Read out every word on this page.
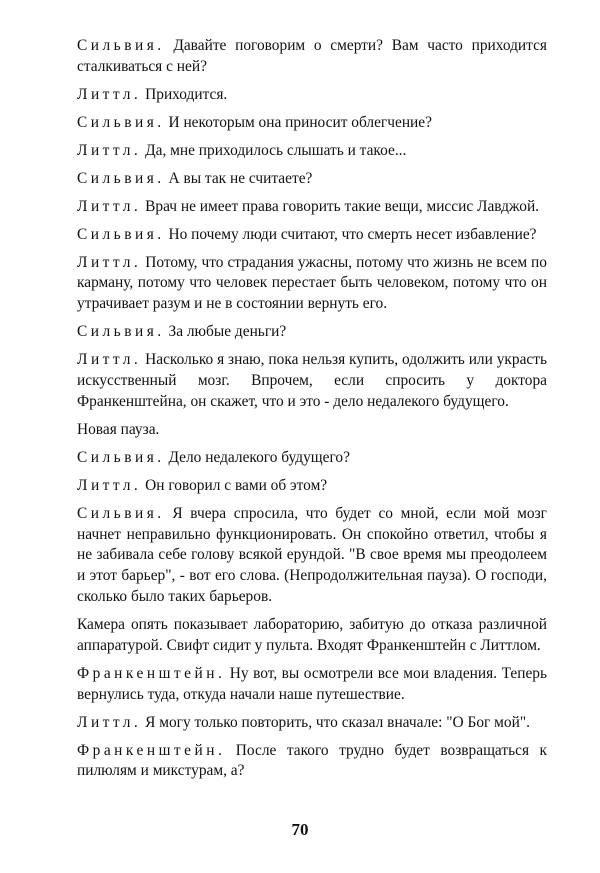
Сильвия. Давайте поговорим о смерти? Вам часто приходится сталкиваться с ней?

Литтл. Приходится.

Сильвия. И некоторым она приносит облегчение?

Литтл. Да, мне приходилось слышать и такое...

Сильвия. А вы так не считаете?

Литтл. Врач не имеет права говорить такие вещи, миссис Лавджой.

Сильвия. Но почему люди считают, что смерть несет избавление?

Литтл. Потому, что страдания ужасны, потому что жизнь не всем по карману, потому что человек перестает быть человеком, потому что он утрачивает разум и не в состоянии вернуть его.

Сильвия. За любые деньги?

Литтл. Насколько я знаю, пока нельзя купить, одолжить или украсть искусственный мозг. Впрочем, если спросить у доктора Франкенштейна, он скажет, что и это - дело недалекого будущего.

Новая пауза.

Сильвия. Дело недалекого будущего?

Литтл. Он говорил с вами об этом?

Сильвия. Я вчера спросила, что будет со мной, если мой мозг начнет неправильно функционировать. Он спокойно ответил, чтобы я не забивала себе голову всякой ерундой. "В свое время мы преодолеем и этот барьер", - вот его слова. (Непродолжительная пауза). О господи, сколько было таких барьеров.

Камера опять показывает лабораторию, забитую до отказа различной аппаратурой. Свифт сидит у пульта. Входят Франкенштейн с Литтлом.

Франкенштейн. Ну вот, вы осмотрели все мои владения. Теперь вернулись туда, откуда начали наше путешествие.

Литтл. Я могу только повторить, что сказал вначале: "О Бог мой".

Франкенштейн. После такого трудно будет возвращаться к пилюлям и микстурам, а?

70
